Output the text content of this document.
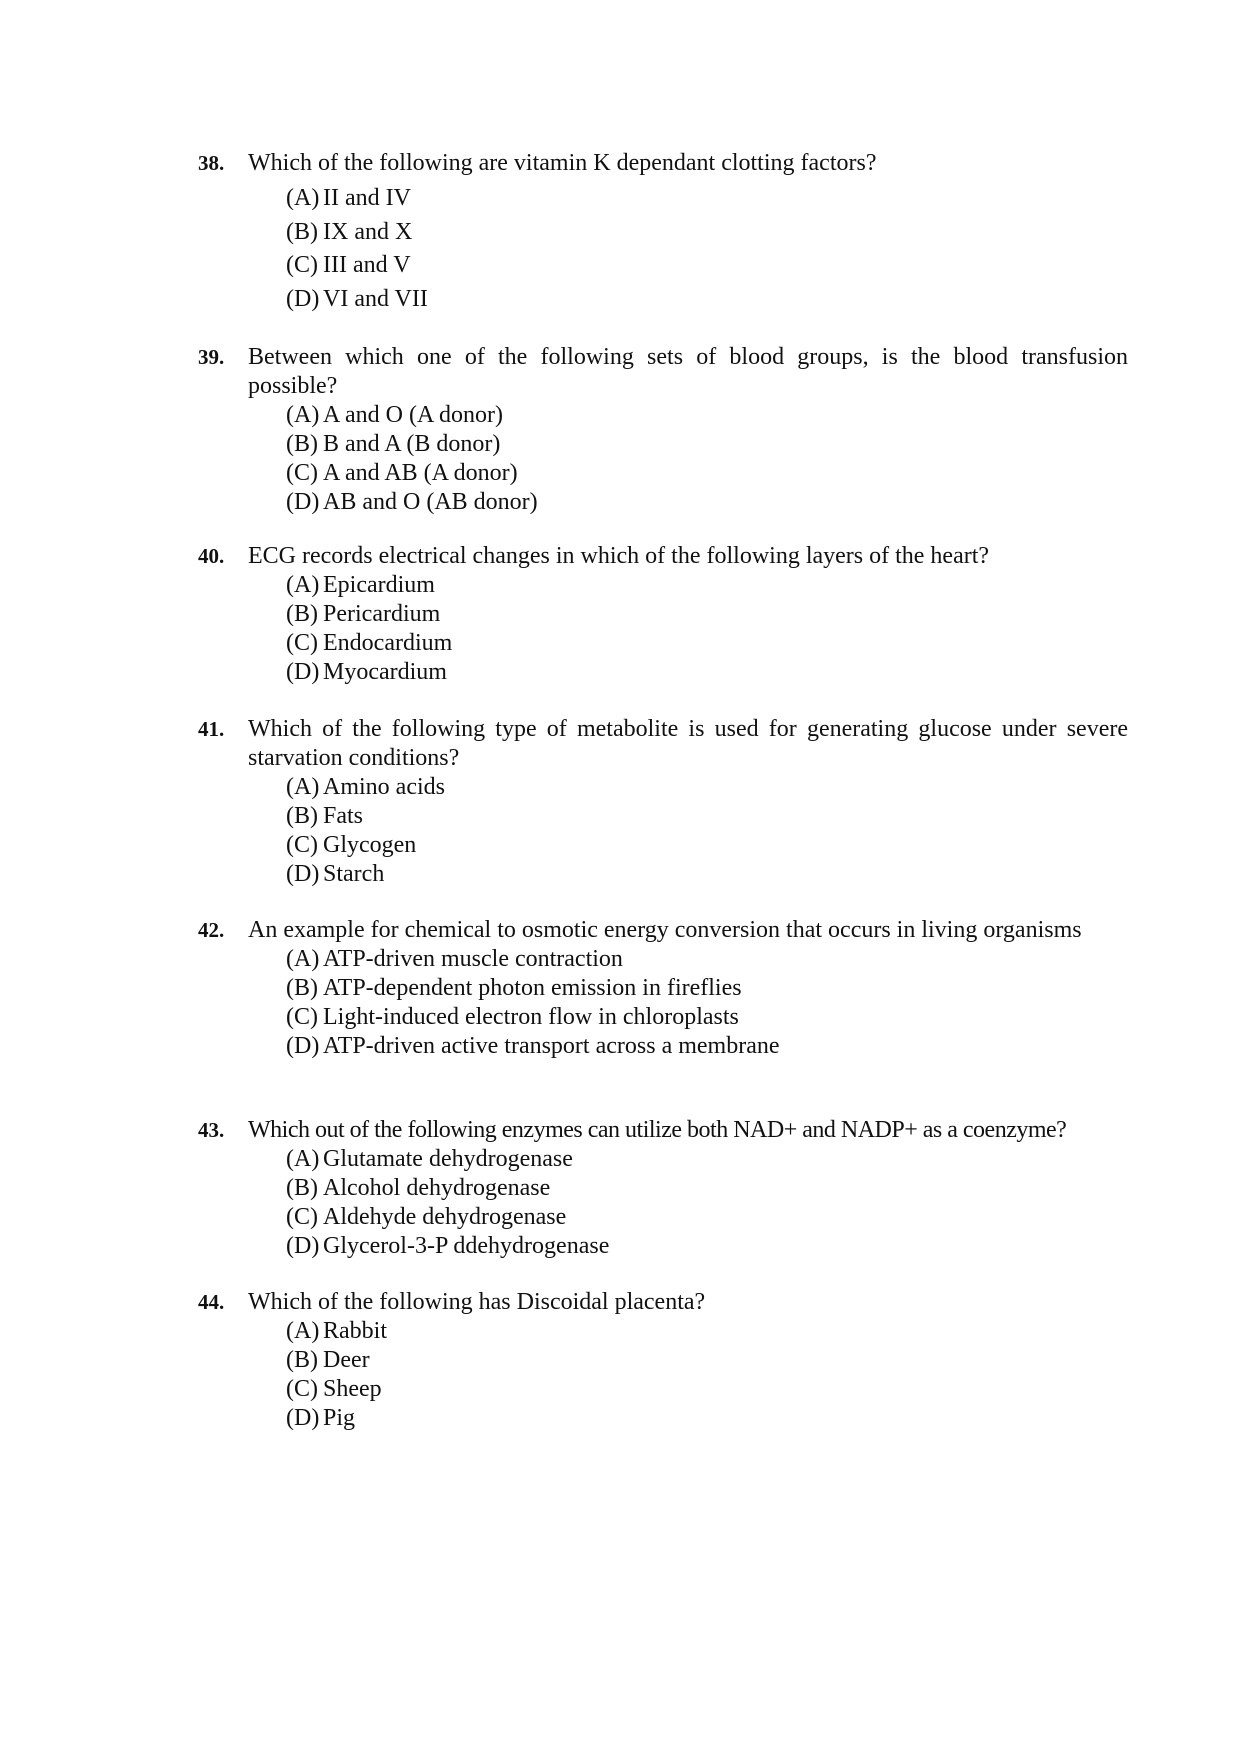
38. Which of the following are vitamin K dependant clotting factors?
(A) II and IV
(B) IX and X
(C) III and V
(D) VI and VII
39. Between which one of the following sets of blood groups, is the blood transfusion possible?
(A) A and O (A donor)
(B) B and A (B donor)
(C) A and AB (A donor)
(D) AB and O (AB donor)
40. ECG records electrical changes in which of the following layers of the heart?
(A) Epicardium
(B) Pericardium
(C) Endocardium
(D) Myocardium
41. Which of the following type of metabolite is used for generating glucose under severe starvation conditions?
(A) Amino acids
(B) Fats
(C) Glycogen
(D) Starch
42. An example for chemical to osmotic energy conversion that occurs in living organisms
(A) ATP-driven muscle contraction
(B) ATP-dependent photon emission in fireflies
(C) Light-induced electron flow in chloroplasts
(D) ATP-driven active transport across a membrane
43. Which out of the following enzymes can utilize both NAD+ and NADP+ as a coenzyme?
(A) Glutamate dehydrogenase
(B) Alcohol dehydrogenase
(C) Aldehyde dehydrogenase
(D) Glycerol-3-P ddehydrogenase
44. Which of the following has Discoidal placenta?
(A) Rabbit
(B) Deer
(C) Sheep
(D) Pig
